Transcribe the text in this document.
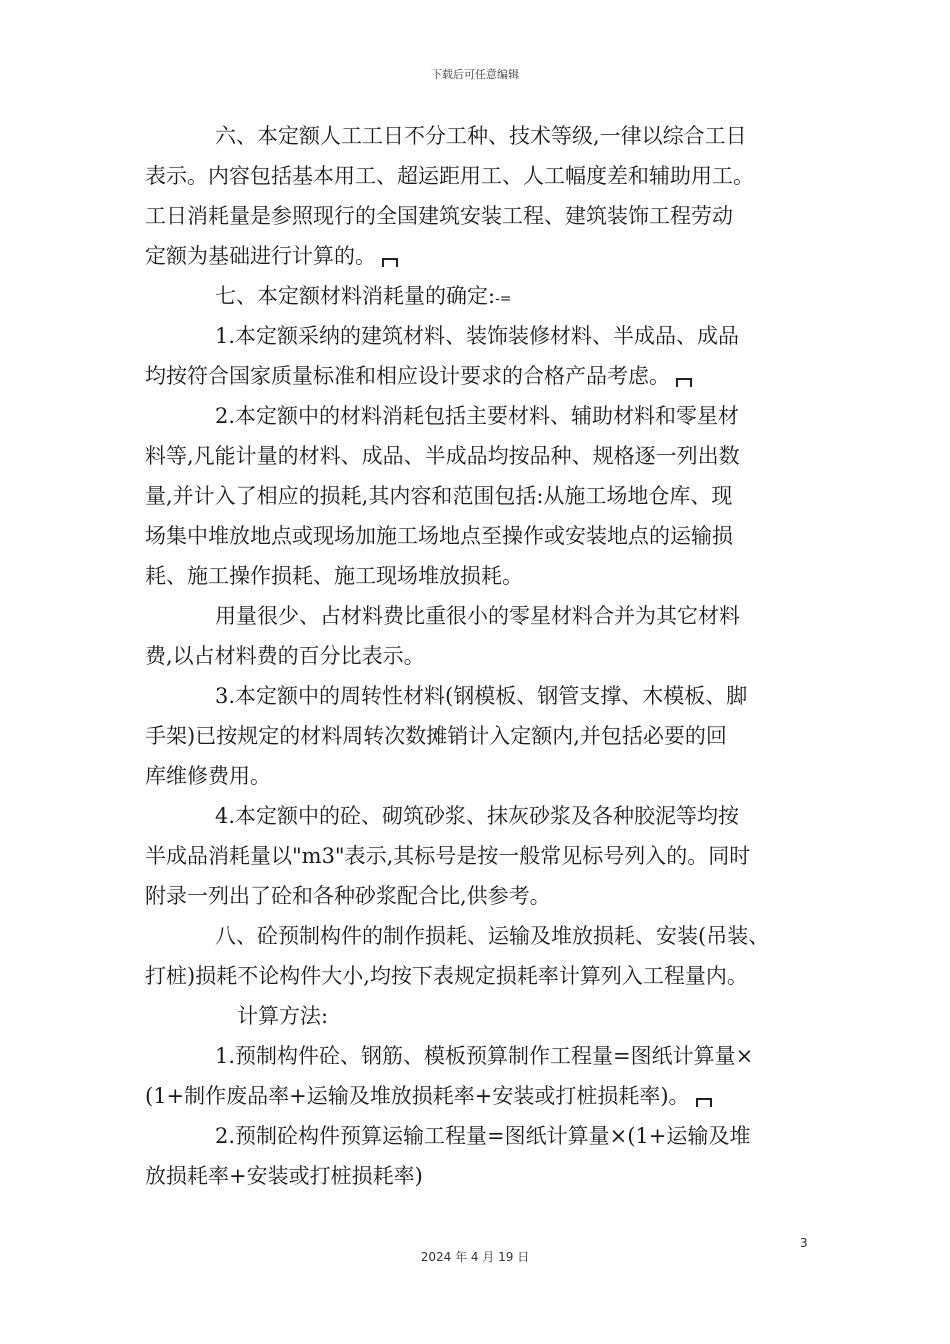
下载后可任意编辑
六、本定额人工工日不分工种、技术等级,一律以综合工日
表示。内容包括基本用工、超运距用工、人工幅度差和辅助用工。
工日消耗量是参照现行的全国建筑安装工程、建筑装饰工程劳动
定额为基础进行计算的。
七、本定额材料消耗量的确定:-=
1.本定额采纳的建筑材料、装饰装修材料、半成品、成品
均按符合国家质量标准和相应设计要求的合格产品考虑。
2.本定额中的材料消耗包括主要材料、辅助材料和零星材
料等,凡能计量的材料、成品、半成品均按品种、规格逐一列出数
量,并计入了相应的损耗,其内容和范围包括:从施工场地仓库、现
场集中堆放地点或现场加施工场地点至操作或安装地点的运输损
耗、施工操作损耗、施工现场堆放损耗。
用量很少、占材料费比重很小的零星材料合并为其它材料
费,以占材料费的百分比表示。
3.本定额中的周转性材料(钢模板、钢管支撑、木模板、脚
手架)已按规定的材料周转次数摊销计入定额内,并包括必要的回
库维修费用。
4.本定额中的砼、砌筑砂浆、抹灰砂浆及各种胶泥等均按
半成品消耗量以"m3"表示,其标号是按一般常见标号列入的。同时
附录一列出了砼和各种砂浆配合比,供参考。
八、砼预制构件的制作损耗、运输及堆放损耗、安装(吊装、
打桩)损耗不论构件大小,均按下表规定损耗率计算列入工程量内。
计算方法:
1.预制构件砼、钢筋、模板预算制作工程量=图纸计算量×
(1+制作废品率+运输及堆放损耗率+安装或打桩损耗率)。
2.预制砼构件预算运输工程量=图纸计算量×(1+运输及堆
放损耗率+安装或打桩损耗率)
3
2024 年 4 月 19 日
